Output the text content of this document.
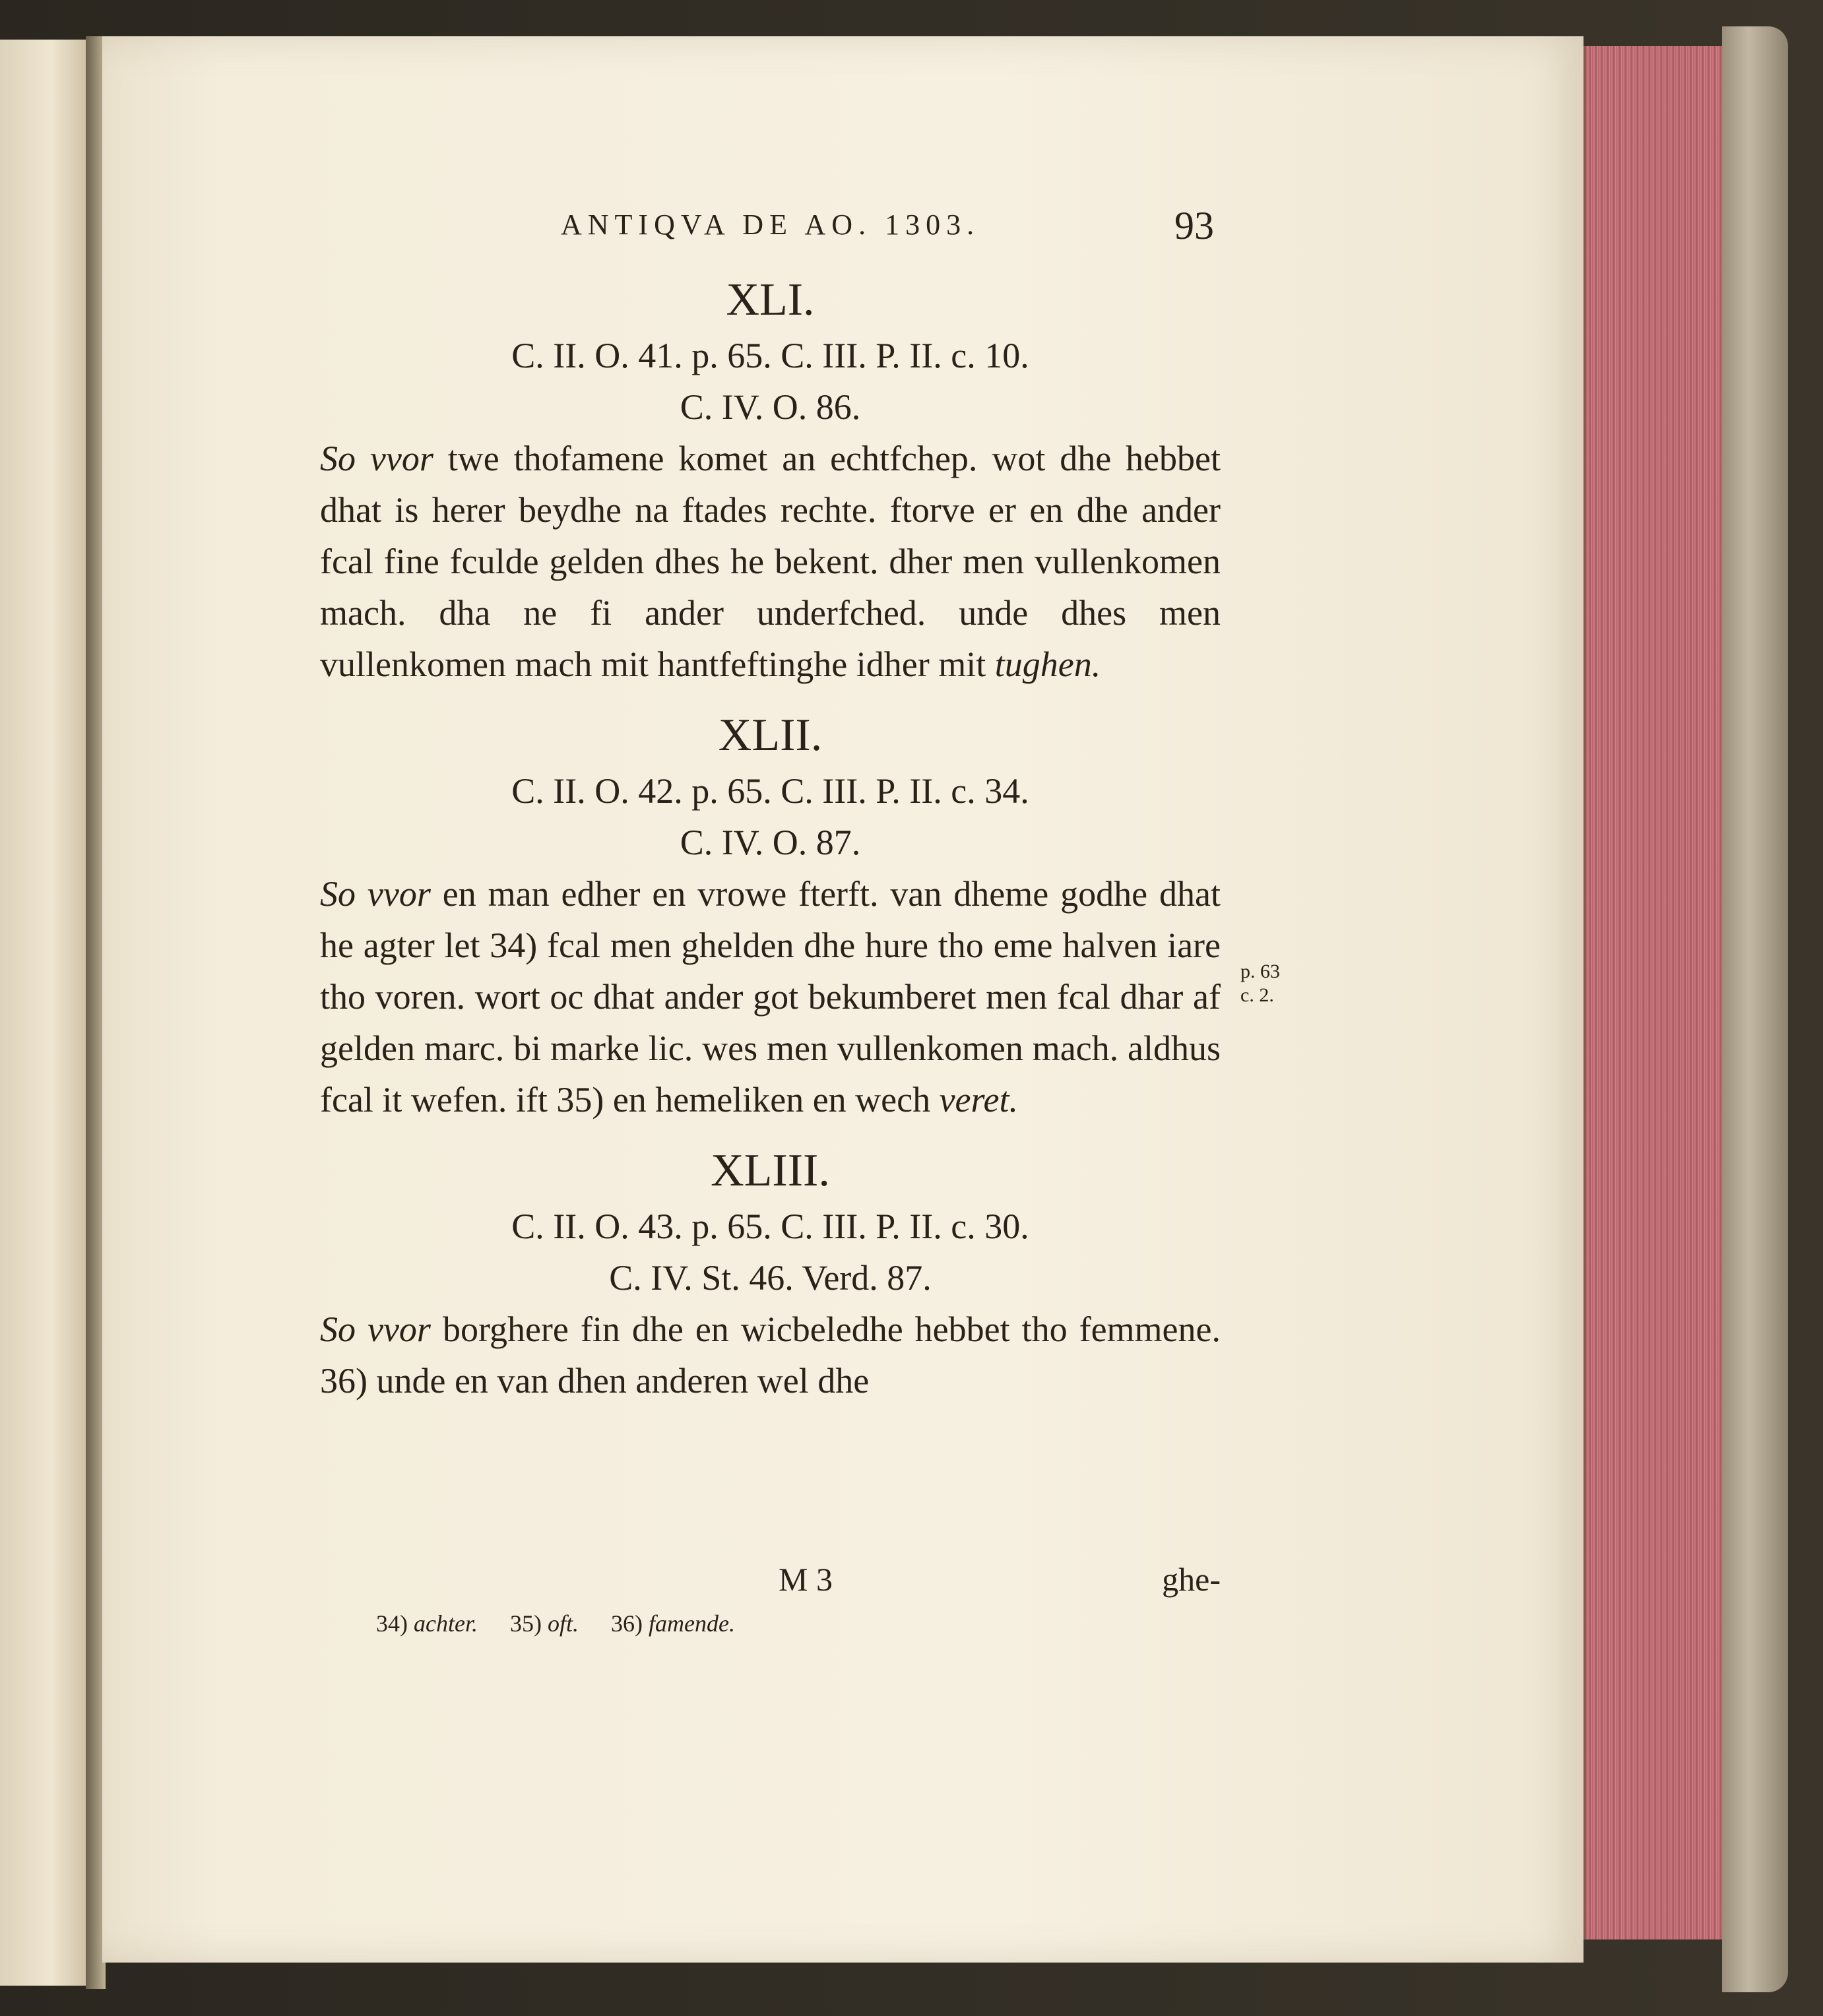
ANTIQVA DE AO. 1303.	93
XLI.
C. II. O. 41. p. 65. C. III. P. II. c. 10.
C. IV. O. 86.

So vvor twe thofamene komet an echtfchep. wot dhe hebbet dhat is herer beydhe na ftades rechte. ftorve er en dhe ander fcal fine fculde gelden dhes he bekent. dher men vullenkomen mach. dha ne fi ander underfched. unde dhes men vullenkomen mach mit hantfeftinghe idher mit tughen.

XLII.
C. II. O. 42. p. 65. C. III. P. II. c. 34.
C. IV. O. 87.

So vvor en man edher en vrowe fterft. van dheme godhe dhat he agter let 34) fcal men ghelden dhe hure tho eme halven iare tho voren. wort oc dhat ander got bekumberet men fcal dhar af gelden marc. bi marke lic. wes men vullenkomen mach. aldhus fcal it wefen. ift 35) en hemeliken en wech veret.

XLIII.
C. II. O. 43. p. 65. C. III. P. II. c. 30.
C. IV. St. 46. Verd. 87.

So vvor borghere fin dhe en wicbeledhe hebbet tho femmene. 36) unde en van dhen anderen wel dhe

M 3	ghe-
34) achter. 35) oft. 36) famende.
p. 63
c. 2.
